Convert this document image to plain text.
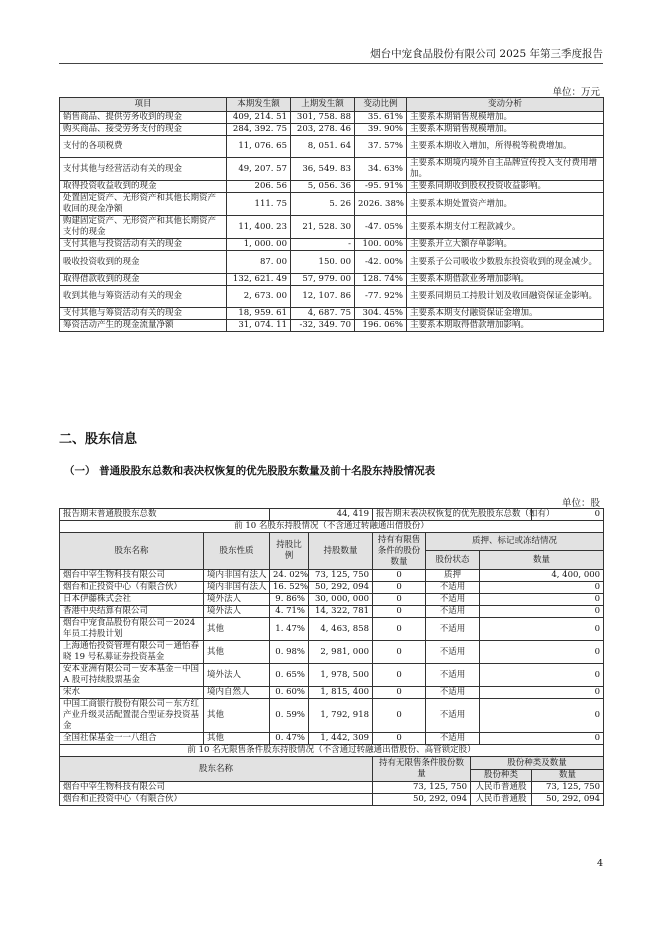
烟台中宠食品股份有限公司 2025 年第三季度报告
单位：万元
项目	本期发生额	上期发生额	变动比例	变动分析
销售商品、提供劳务收到的现金	409, 214. 51	301, 758. 88	35. 61%	主要系本期销售规模增加。
购买商品、接受劳务支付的现金	284, 392. 75	203, 278. 46	39. 90%	主要系本期销售规模增加。
支付的各项税费	11, 076. 65	8, 051. 64	37. 57%	主要系本期收入增加，所得税等税费增加。
支付其他与经营活动有关的现金	49, 207. 57	36, 549. 83	34. 63%	主要系本期境内境外自主品牌宣传投入支付费用增加。
取得投资收益收到的现金	206. 56	5, 056. 36	-95. 91%	主要系同期收到股权投资收益影响。
处置固定资产、无形资产和其他长期资产收回的现金净额	111. 75	5. 26	2026. 38%	主要系本期处置资产增加。
购建固定资产、无形资产和其他长期资产支付的现金	11, 400. 23	21, 528. 30	-47. 05%	主要系本期支付工程款减少。
支付其他与投资活动有关的现金	1, 000. 00	-	100. 00%	主要系开立大额存单影响。
吸收投资收到的现金	87. 00	150. 00	-42. 00%	主要系子公司吸收少数股东投资收到的现金减少。
取得借款收到的现金	132, 621. 49	57, 979. 00	128. 74%	主要系本期借款业务增加影响。
收到其他与筹资活动有关的现金	2, 673. 00	12, 107. 86	-77. 92%	主要系同期员工持股计划及收回融资保证金影响。
支付其他与筹资活动有关的现金	18, 959. 61	4, 687. 75	304. 45%	主要系本期支付融资保证金增加。
筹资活动产生的现金流量净额	31, 074. 11	-32, 349. 70	196. 06%	主要系本期取得借款增加影响。
二、股东信息
（一） 普通股股东总数和表决权恢复的优先股股东数量及前十名股东持股情况表
单位：股
报告期末普通股股东总数		44, 419		报告期末表决权恢复的优先股股东总数（如有）				0
前 10 名股东持股情况（不含通过转融通出借股份）								
股东名称	股东性质	持股比例	持股数量	持有有限售条件的股份数量	质押、标记或冻结情况			
					股份状态		数量	
烟台中宰生物科技有限公司	境内非国有法人	24. 02%	73, 125, 750	0	质押		4, 400, 000	
烟台和正投资中心（有限合伙）	境内非国有法人	16. 52%	50, 292, 094	0	不适用		0	
日本伊藤株式会社	境外法人	9. 86%	30, 000, 000	0	不适用		0	
香港中央结算有限公司	境外法人	4. 71%	14, 322, 781	0	不适用		0	
烟台中宠食品股份有限公司－2024 年员工持股计划	其他	1. 47%	4, 463, 858	0	不适用		0	
上海通怡投资管理有限公司－通怡春晓 19 号私募证券投资基金	其他	0. 98%	2, 981, 000	0	不适用		0	
安本亚洲有限公司－安本基金－中国 A 股可持续股票基金	境外法人	0. 65%	1, 978, 500	0	不适用		0	
宋水	境内自然人	0. 60%	1, 815, 400	0	不适用		0	
中国工商银行股份有限公司－东方红产业升级灵活配置混合型证券投资基金	其他	0. 59%	1, 792, 918	0	不适用		0	
全国社保基金一一八组合	其他	0. 47%	1, 442, 309	0	不适用		0	
前 10 名无限售条件股东持股情况（不含通过转融通出借股份、高管锁定股）								
股东名称				持有无限售条件股份数量		股份种类及数量		
						股份种类		数量
烟台中宰生物科技有限公司				73, 125, 750		人民币普通股		73, 125, 750
烟台和正投资中心（有限合伙）				50, 292, 094		人民币普通股		50, 292, 094
4
